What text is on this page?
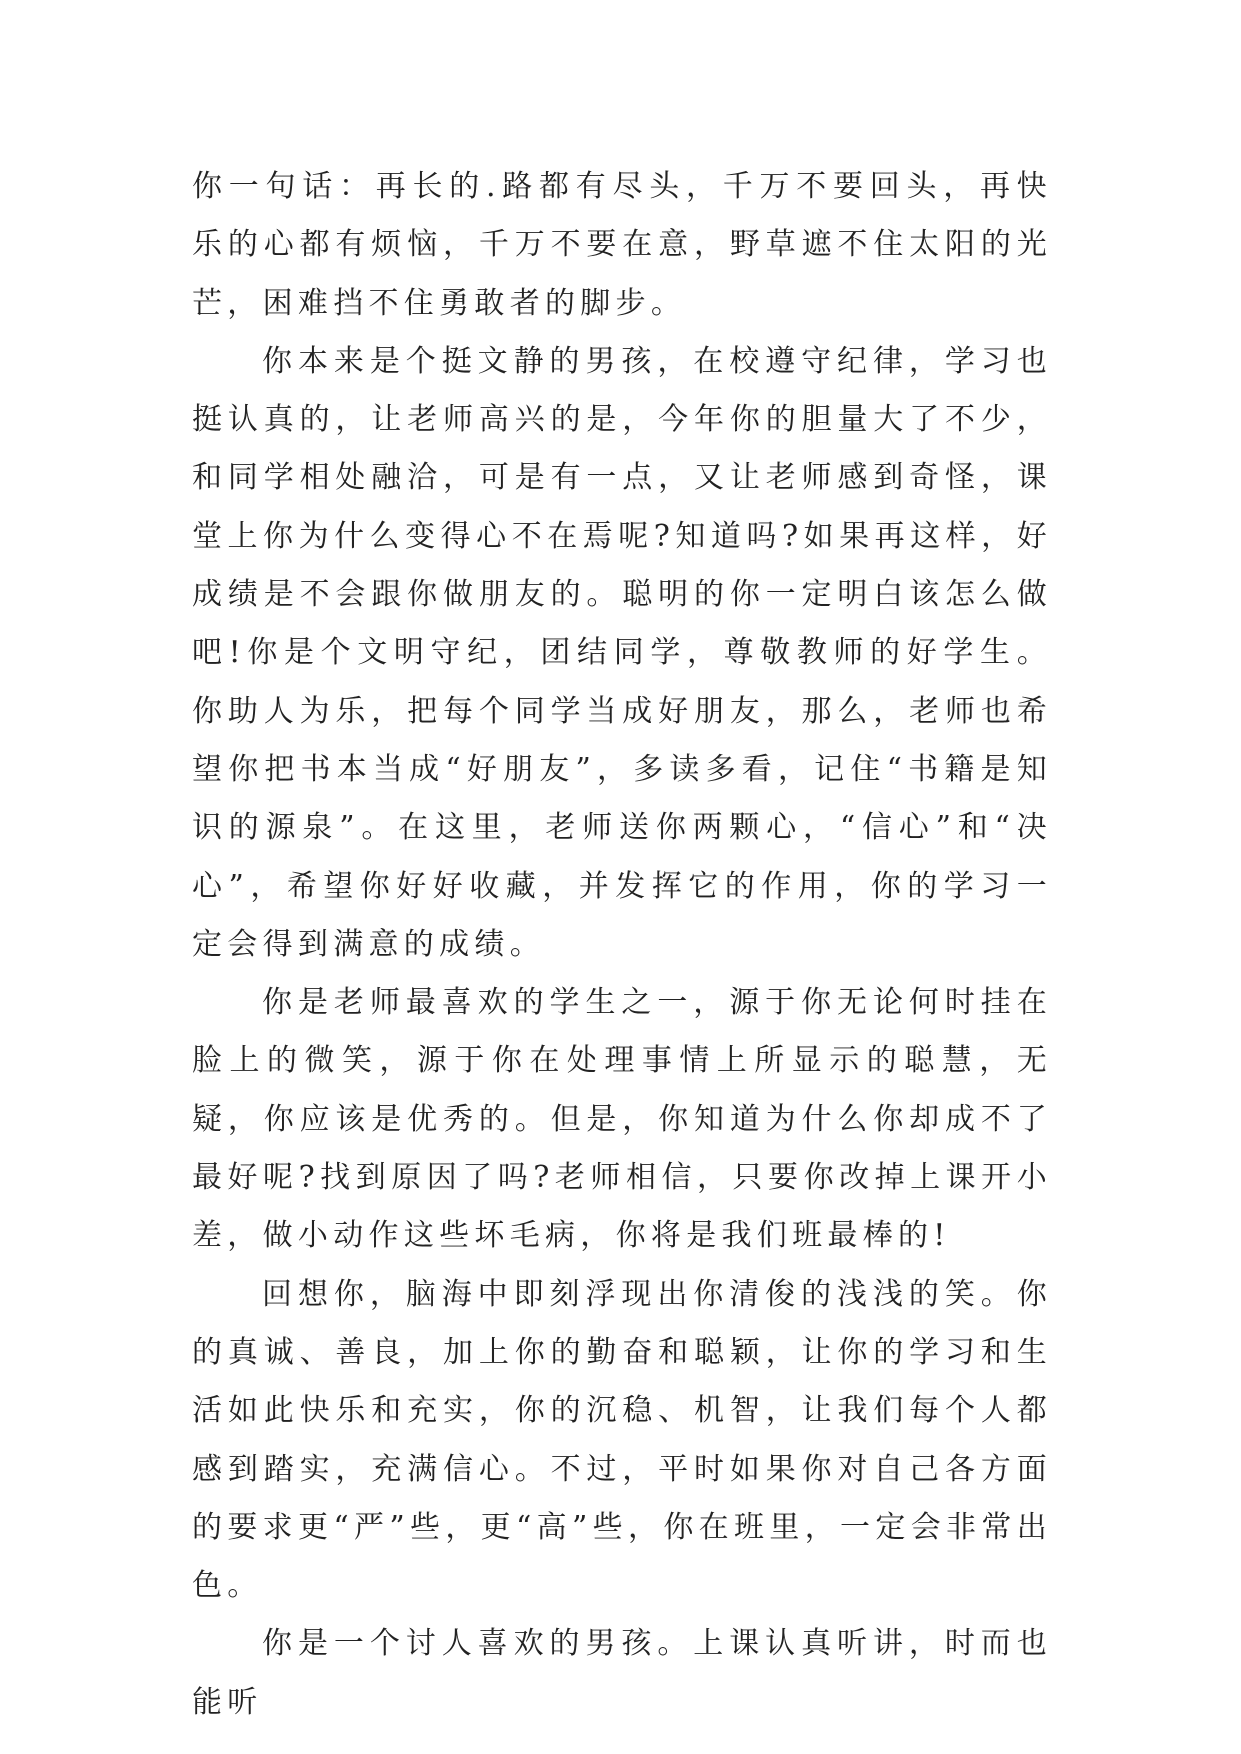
你一句话：再长的.路都有尽头，千万不要回头，再快乐的心都有烦恼，千万不要在意，野草遮不住太阳的光芒，困难挡不住勇敢者的脚步。

你本来是个挺文静的男孩，在校遵守纪律，学习也挺认真的，让老师高兴的是，今年你的胆量大了不少，和同学相处融洽，可是有一点，又让老师感到奇怪，课堂上你为什么变得心不在焉呢?知道吗?如果再这样，好成绩是不会跟你做朋友的。聪明的你一定明白该怎么做吧!你是个文明守纪，团结同学，尊敬教师的好学生。你助人为乐，把每个同学当成好朋友，那么，老师也希望你把书本当成“好朋友”，多读多看，记住“书籍是知识的源泉”。在这里，老师送你两颗心，“信心”和“决心”，希望你好好收藏，并发挥它的作用，你的学习一定会得到满意的成绩。

你是老师最喜欢的学生之一，源于你无论何时挂在脸上的微笑，源于你在处理事情上所显示的聪慧，无疑，你应该是优秀的。但是，你知道为什么你却成不了最好呢?找到原因了吗?老师相信，只要你改掉上课开小差，做小动作这些坏毛病，你将是我们班最棒的!

回想你，脑海中即刻浮现出你清俊的浅浅的笑。你的真诚、善良，加上你的勤奋和聪颖，让你的学习和生活如此快乐和充实，你的沉稳、机智，让我们每个人都感到踏实，充满信心。不过，平时如果你对自己各方面的要求更“严”些，更“高”些，你在班里，一定会非常出色。

你是一个讨人喜欢的男孩。上课认真听讲，时而也能听
